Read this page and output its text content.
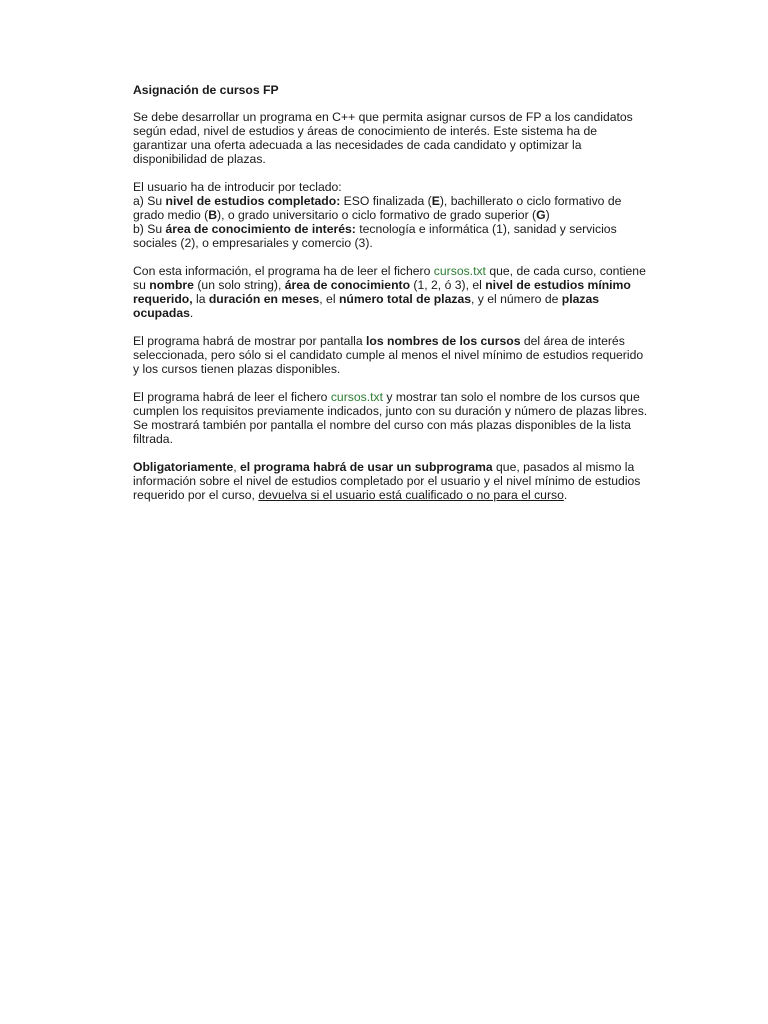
Asignación de cursos FP

Se debe desarrollar un programa en C++ que permita asignar cursos de FP a los candidatos
según edad, nivel de estudios y áreas de conocimiento de interés. Este sistema ha de
garantizar una oferta adecuada a las necesidades de cada candidato y optimizar la
disponibilidad de plazas.

El usuario ha de introducir por teclado:
a) Su nivel de estudios completado: ESO finalizada (E), bachillerato o ciclo formativo de
grado medio (B), o grado universitario o ciclo formativo de grado superior (G)
b) Su área de conocimiento de interés: tecnología e informática (1), sanidad y servicios
sociales (2), o empresariales y comercio (3).

Con esta información, el programa ha de leer el fichero cursos.txt que, de cada curso, contiene
su nombre (un solo string), área de conocimiento (1, 2, ó 3), el nivel de estudios mínimo
requerido, la duración en meses, el número total de plazas, y el número de plazas
ocupadas.

El programa habrá de mostrar por pantalla los nombres de los cursos del área de interés
seleccionada, pero sólo si el candidato cumple al menos el nivel mínimo de estudios requerido
y los cursos tienen plazas disponibles.

El programa habrá de leer el fichero cursos.txt y mostrar tan solo el nombre de los cursos que
cumplen los requisitos previamente indicados, junto con su duración y número de plazas libres.
Se mostrará también por pantalla el nombre del curso con más plazas disponibles de la lista
filtrada.

Obligatoriamente, el programa habrá de usar un subprograma que, pasados al mismo la
información sobre el nivel de estudios completado por el usuario y el nivel mínimo de estudios
requerido por el curso, devuelva si el usuario está cualificado o no para el curso.
